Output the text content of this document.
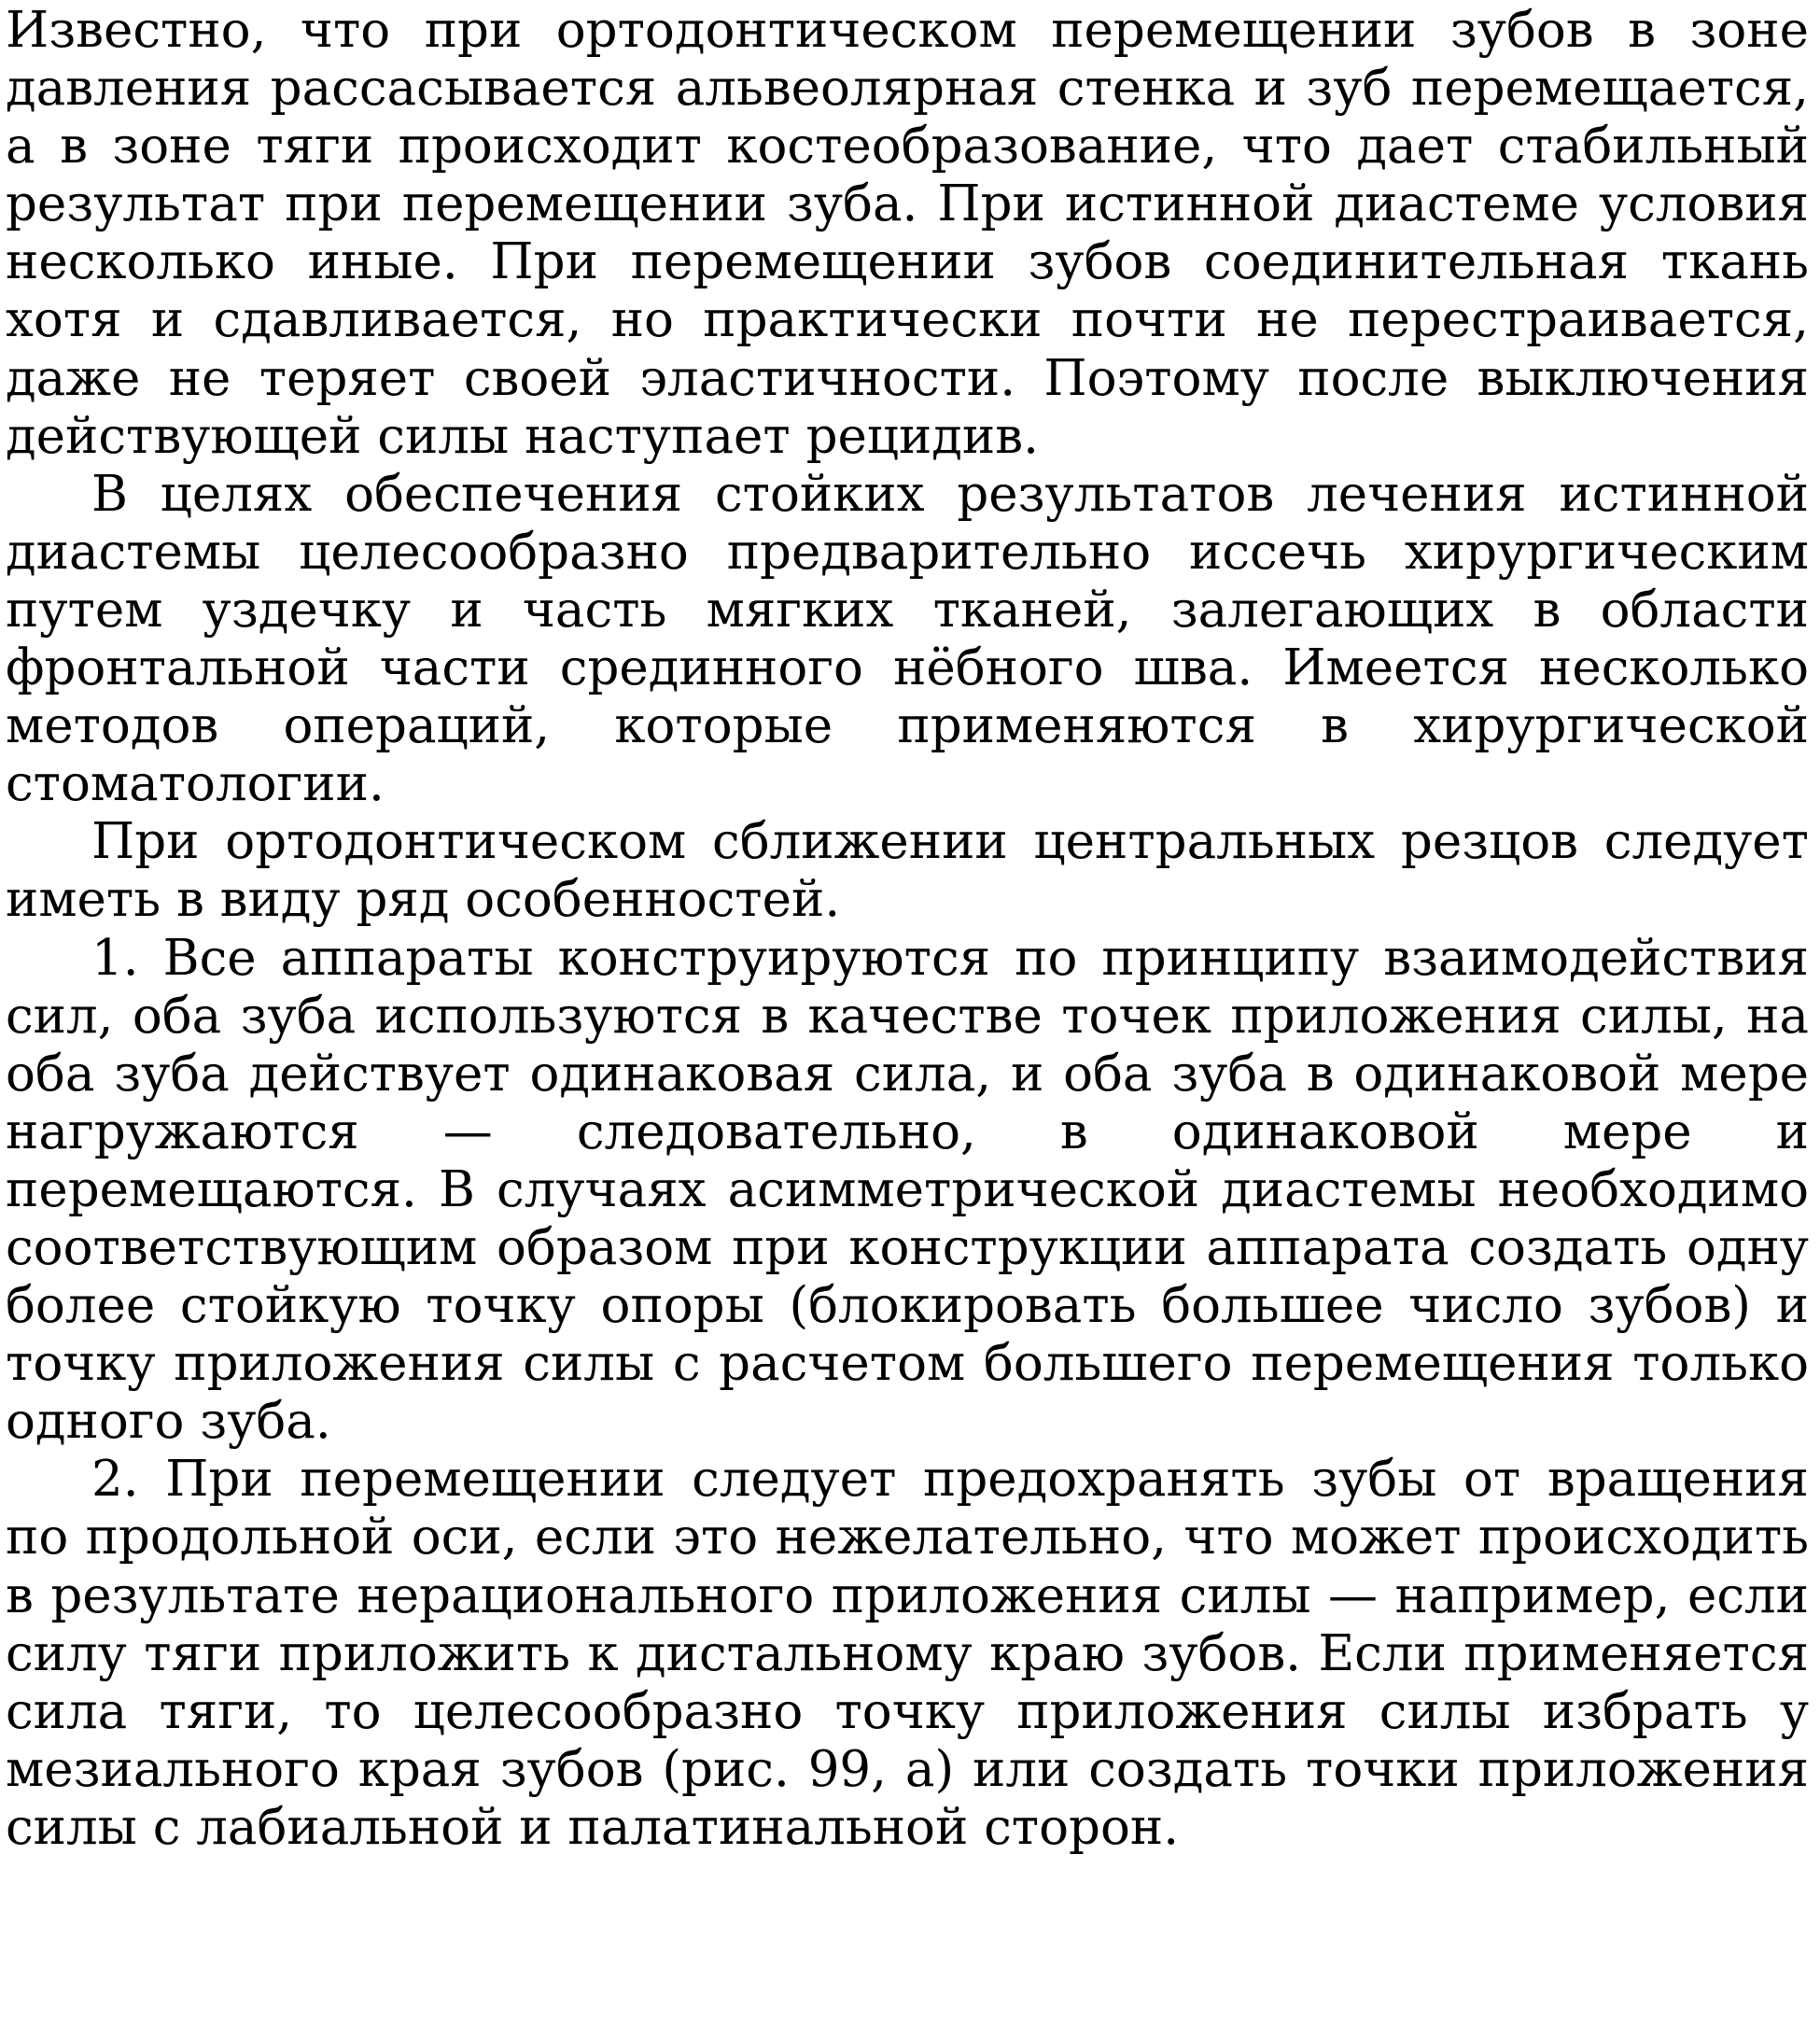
Известно, что при ортодонтическом перемещении зубов в зоне давления рассасывается альвеолярная стенка и зуб перемещается, а в зоне тяги происходит костеобразование, что дает стабильный результат при перемещении зуба. При истинной диастеме условия несколько иные. При перемещении зубов соединительная ткань хотя и сдавливается, но практически почти не перестраивается, даже не теряет своей эластичности. Поэтому после выключения действующей силы наступает рецидив.

В целях обеспечения стойких результатов лечения истинной диастемы целесообразно предварительно иссечь хирургическим путем уздечку и часть мягких тканей, залегающих в области фронтальной части срединного нёбного шва. Имеется несколько методов операций, которые применяются в хирургической стоматологии.

При ортодонтическом сближении центральных резцов следует иметь в виду ряд особенностей.

1. Все аппараты конструируются по принципу взаимодействия сил, оба зуба используются в качестве точек приложения силы, на оба зуба действует одинаковая сила, и оба зуба в одинаковой мере нагружаются — следовательно, в одинаковой мере и перемещаются. В случаях асимметрической диастемы необходимо соответствующим образом при конструкции аппарата создать одну более стойкую точку опоры (блокировать большее число зубов) и точку приложения силы с расчетом большего перемещения только одного зуба.

2. При перемещении следует предохранять зубы от вращения по продольной оси, если это нежелательно, что может происходить в результате нерационального приложения силы — например, если силу тяги приложить к дистальному краю зубов. Если применяется сила тяги, то целесообразно точку приложения силы избрать у мезиального края зубов (рис. 99, а) или создать точки приложения силы с лабиальной и палатинальной сторон.
